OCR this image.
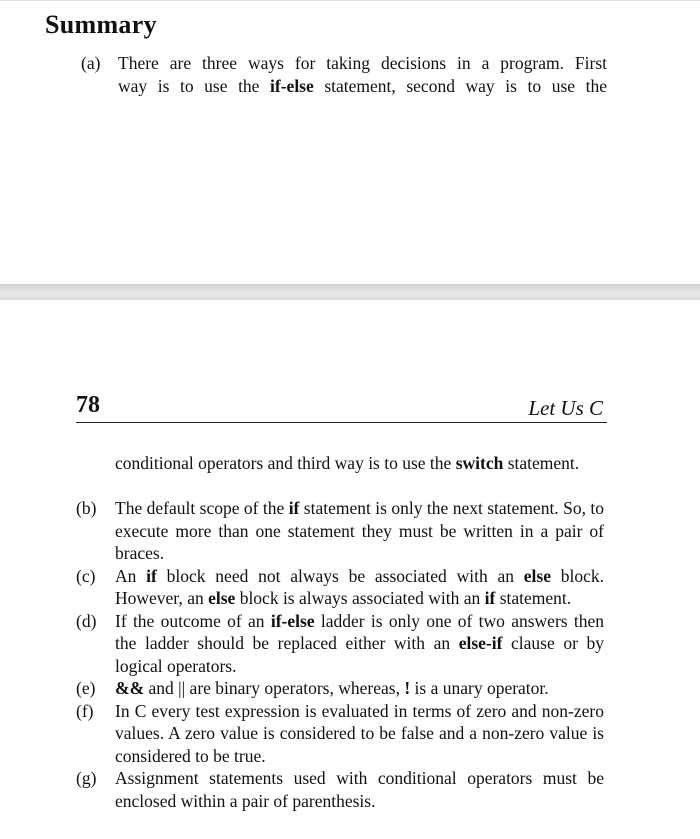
Summary
(a) There are three ways for taking decisions in a program. First
way is to use the if-else statement, second way is to use the
78	Let Us C
conditional operators and third way is to use the switch statement.
(b) The default scope of the if statement is only the next statement. So, to execute more than one statement they must be written in a pair of braces.
(c) An if block need not always be associated with an else block. However, an else block is always associated with an if statement.
(d) If the outcome of an if-else ladder is only one of two answers then the ladder should be replaced either with an else-if clause or by logical operators.
(e) && and || are binary operators, whereas, ! is a unary operator.
(f) In C every test expression is evaluated in terms of zero and non-zero values. A zero value is considered to be false and a non-zero value is considered to be true.
(g) Assignment statements used with conditional operators must be enclosed within a pair of parenthesis.
